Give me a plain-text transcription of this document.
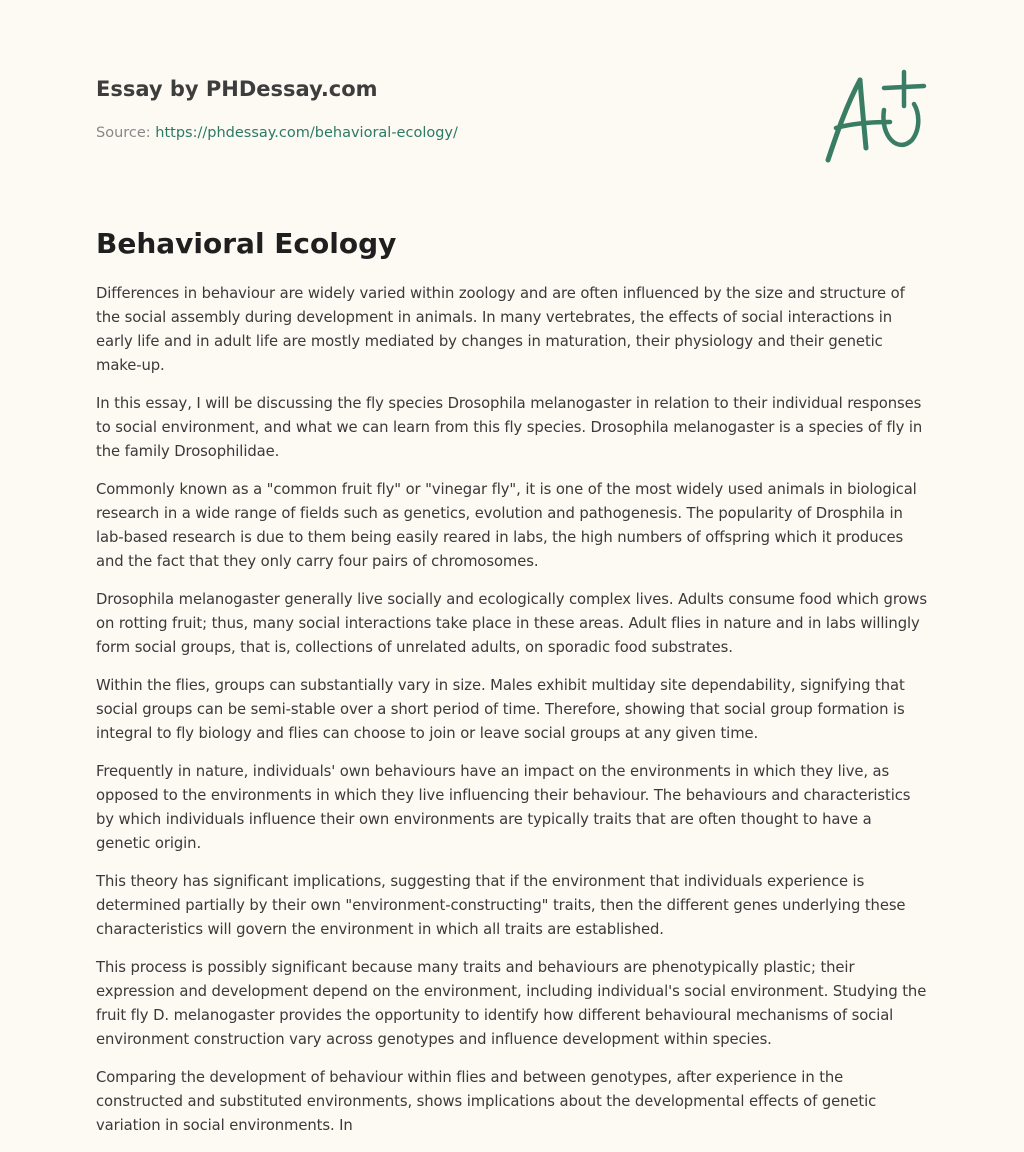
Essay by PHDessay.com
Source: https://phdessay.com/behavioral-ecology/
Behavioral Ecology

Differences in behaviour are widely varied within zoology and are often influenced by the size and structure of the social assembly during development in animals. In many vertebrates, the effects of social interactions in early life and in adult life are mostly mediated by changes in maturation, their physiology and their genetic make-up.

In this essay, I will be discussing the fly species Drosophila melanogaster in relation to their individual responses to social environment, and what we can learn from this fly species. Drosophila melanogaster is a species of fly in the family Drosophilidae.

Commonly known as a "common fruit fly" or "vinegar fly", it is one of the most widely used animals in biological research in a wide range of fields such as genetics, evolution and pathogenesis. The popularity of Drosphila in lab-based research is due to them being easily reared in labs, the high numbers of offspring which it produces and the fact that they only carry four pairs of chromosomes.

Drosophila melanogaster generally live socially and ecologically complex lives. Adults consume food which grows on rotting fruit; thus, many social interactions take place in these areas. Adult flies in nature and in labs willingly form social groups, that is, collections of unrelated adults, on sporadic food substrates.

Within the flies, groups can substantially vary in size. Males exhibit multiday site dependability, signifying that social groups can be semi-stable over a short period of time. Therefore, showing that social group formation is integral to fly biology and flies can choose to join or leave social groups at any given time.

Frequently in nature, individuals' own behaviours have an impact on the environments in which they live, as opposed to the environments in which they live influencing their behaviour. The behaviours and characteristics by which individuals influence their own environments are typically traits that are often thought to have a genetic origin.

This theory has significant implications, suggesting that if the environment that individuals experience is determined partially by their own "environment-constructing" traits, then the different genes underlying these characteristics will govern the environment in which all traits are established.

This process is possibly significant because many traits and behaviours are phenotypically plastic; their expression and development depend on the environment, including individual's social environment. Studying the fruit fly D. melanogaster provides the opportunity to identify how different behavioural mechanisms of social environment construction vary across genotypes and influence development within species.

Comparing the development of behaviour within flies and between genotypes, after experience in the constructed and substituted environments, shows implications about the developmental effects of genetic variation in social environments. In
